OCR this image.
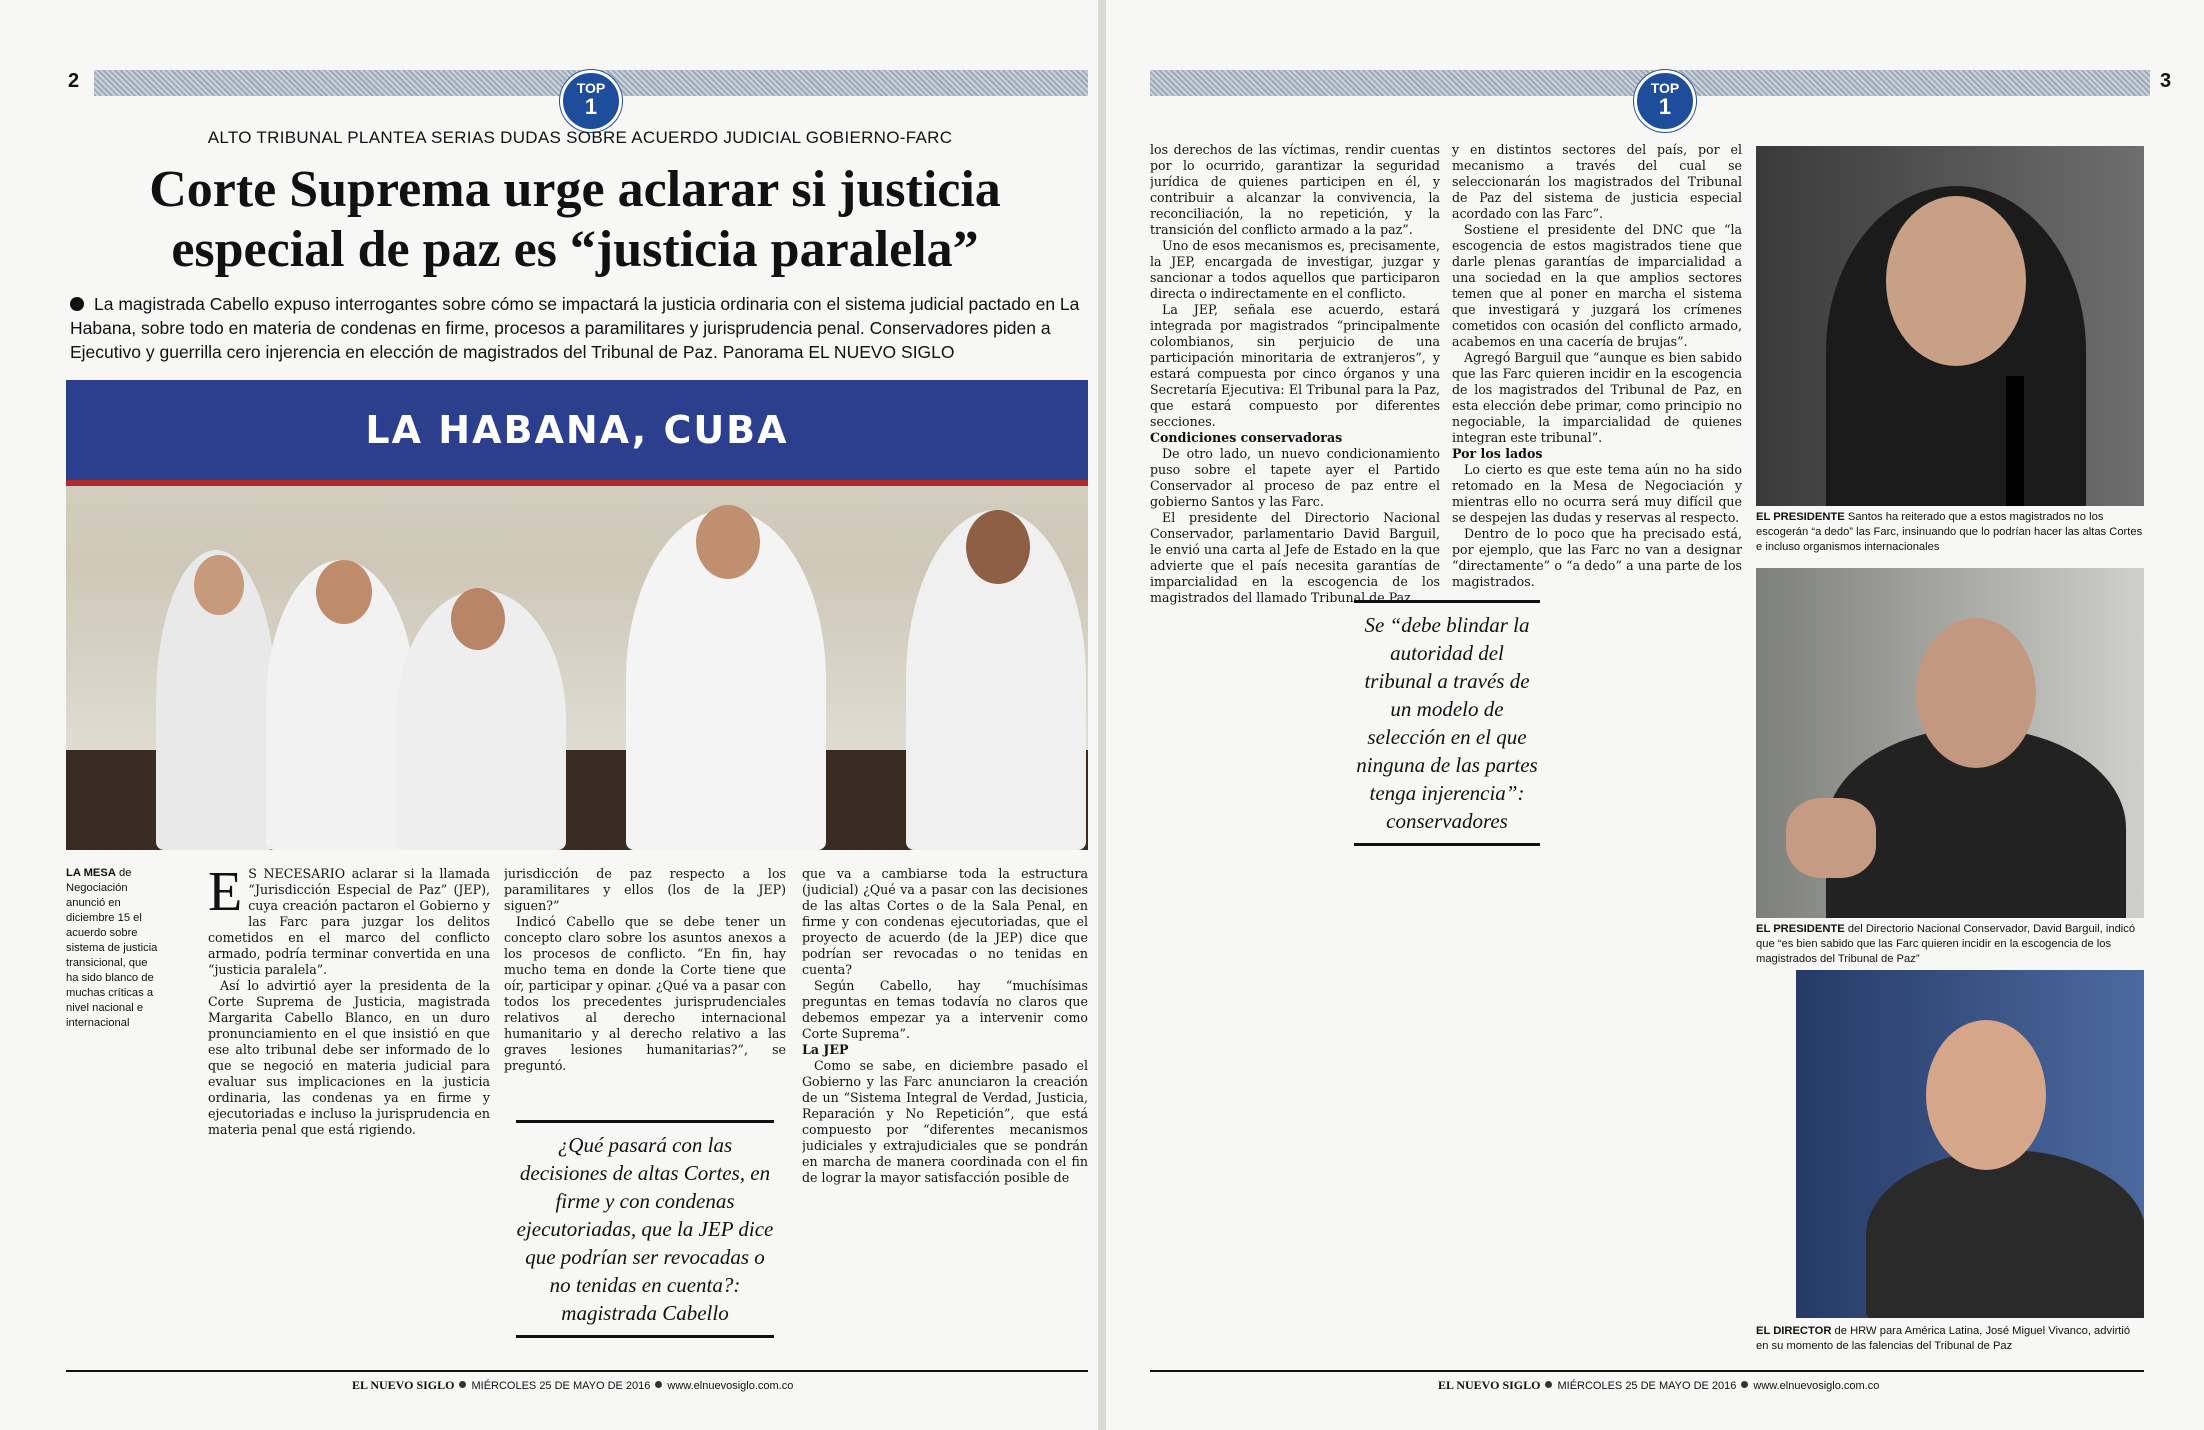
2	TOP
1
ALTO TRIBUNAL PLANTEA SERIAS DUDAS SOBRE ACUERDO JUDICIAL GOBIERNO-FARC
Corte Suprema urge aclarar si justicia
especial de paz es “justicia paralela”
La magistrada Cabello expuso interrogantes sobre cómo se impactará la justicia ordinaria con el sistema judicial pactado en La Habana, sobre todo en materia de condenas en firme, procesos a paramilitares y jurisprudencia penal. Conservadores piden a Ejecutivo y guerrilla cero injerencia en elección de magistrados del Tribunal de Paz. Panorama EL NUEVO SIGLO
LA HABANA, CUBA
LA MESA de Negociación anunció en diciembre 15 el acuerdo sobre sistema de justicia transicional, que ha sido blanco de muchas críticas a nivel nacional e internacional
E S NECESARIO aclarar si la llamada “Jurisdicción Especial de Paz” (JEP), cuya creación pactaron el Gobierno y las Farc para juzgar los delitos cometidos en el marco del conflicto armado, podría terminar convertida en una “justicia paralela”.

Así lo advirtió ayer la presidenta de la Corte Suprema de Justicia, magistrada Margarita Cabello Blanco, en un duro pronunciamiento en el que insistió en que ese alto tribunal debe ser informado de lo que se negoció en materia judicial para evaluar sus implicaciones en la justicia ordinaria, las condenas ya en firme y ejecutoriadas e incluso la jurisprudencia en materia penal que está rigiendo.

jurisdicción de paz respecto a los paramilitares y ellos (los de la JEP) siguen?”

Indicó Cabello que se debe tener un concepto claro sobre los asuntos anexos a los procesos de conflicto. “En fin, hay mucho tema en donde la Corte tiene que oír, participar y opinar. ¿Qué va a pasar con todos los precedentes jurisprudenciales relativos al derecho internacional humanitario y al derecho relativo a las graves lesiones humanitarias?”, se preguntó.

¿Qué pasará con las decisiones de altas Cortes, en firme y con condenas ejecutoriadas, que la JEP dice que podrían ser revocadas o no tenidas en cuenta?: magistrada Cabello

que va a cambiarse toda la estructura (judicial) ¿Qué va a pasar con las decisiones de las altas Cortes o de la Sala Penal, en firme y con condenas ejecutoriadas, que el proyecto de acuerdo (de la JEP) dice que podrían ser revocadas o no tenidas en cuenta?

Según Cabello, hay “muchísimas preguntas en temas todavía no claros que debemos empezar ya a intervenir como Corte Suprema”.

La JEP

Como se sabe, en diciembre pasado el Gobierno y las Farc anunciaron la creación de un “Sistema Integral de Verdad, Justicia, Reparación y No Repetición”, que está compuesto por “diferentes mecanismos judiciales y extrajudiciales que se pondrán en marcha de manera coordinada con el fin de lograr la mayor satisfacción posible de

EL NUEVO SIGLO MIÉRCOLES 25 DE MAYO DE 2016 www.elnuevosiglo.com.co
3
TOP
1

los derechos de las víctimas, rendir cuentas por lo ocurrido, garantizar la seguridad jurídica de quienes participen en él, y contribuir a alcanzar la convivencia, la reconciliación, la no repetición, y la transición del conflicto armado a la paz”.

Uno de esos mecanismos es, precisamente, la JEP, encargada de investigar, juzgar y sancionar a todos aquellos que participaron directa o indirectamente en el conflicto.

La JEP, señala ese acuerdo, estará integrada por magistrados “principalmente colombianos, sin perjuicio de una participación minoritaria de extranjeros”, y estará compuesta por cinco órganos y una Secretaría Ejecutiva: El Tribunal para la Paz, que estará compuesto por diferentes secciones.

Condiciones conservadoras

De otro lado, un nuevo condicionamiento puso sobre el tapete ayer el Partido Conservador al proceso de paz entre el gobierno Santos y las Farc.

El presidente del Directorio Nacional Conservador, parlamentario David Barguil, le envió una carta al Jefe de Estado en la que advierte que el país necesita garantías de imparcialidad en la escogencia de los magistrados del llamado Tribunal de Paz.

Se “debe blindar la autoridad del tribunal a través de un modelo de selección en el que ninguna de las partes tenga injerencia”: conservadores

y en distintos sectores del país, por el mecanismo a través del cual se seleccionarán los magistrados del Tribunal de Paz del sistema de justicia especial acordado con las Farc”.

Sostiene el presidente del DNC que “la escogencia de estos magistrados tiene que darle plenas garantías de imparcialidad a una sociedad en la que amplios sectores temen que al poner en marcha el sistema que investigará y juzgará los crímenes cometidos con ocasión del conflicto armado, acabemos en una cacería de brujas”.

Agregó Barguil que “aunque es bien sabido que las Farc quieren incidir en la escogencia de los magistrados del Tribunal de Paz, en esta elección debe primar, como principio no negociable, la imparcialidad de quienes integran este tribunal”.

Por los lados

Lo cierto es que este tema aún no ha sido retomado en la Mesa de Negociación y mientras ello no ocurra será muy difícil que se despejen las dudas y reservas al respecto.

Dentro de lo poco que ha precisado está, por ejemplo, que las Farc no van a designar “directamente” o “a dedo” a una parte de los magistrados.

EL PRESIDENTE Santos ha reiterado que a estos magistrados no los escogerán “a dedo” las Farc, insinuando que lo podrían hacer las altas Cortes e incluso organismos internacionales
EL PRESIDENTE del Directorio Nacional Conservador, David Barguil, indicó que “es bien sabido que las Farc quieren incidir en la escogencia de los magistrados del Tribunal de Paz”
EL DIRECTOR de HRW para América Latina, José Miguel Vivanco, advirtió en su momento de las falencias del Tribunal de Paz
EL NUEVO SIGLO MIÉRCOLES 25 DE MAYO DE 2016 www.elnuevosiglo.com.co
